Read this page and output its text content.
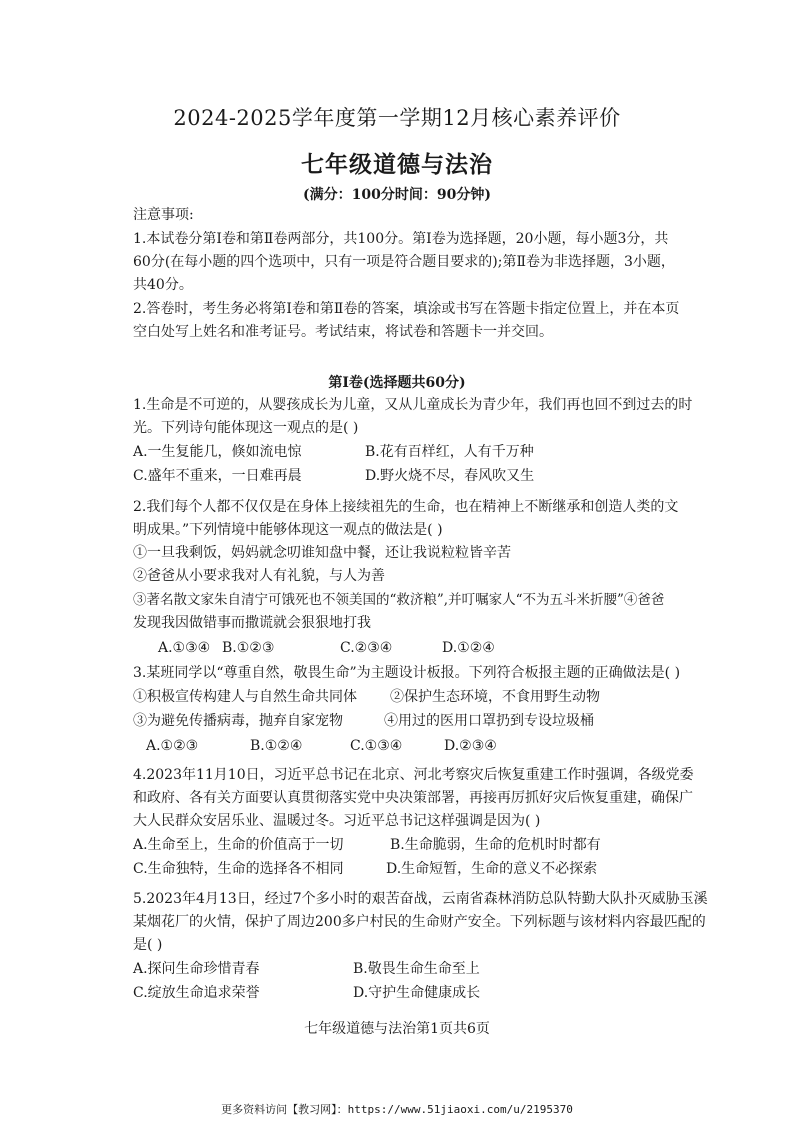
2024-2025学年度第一学期12月核心素养评价
七年级道德与法治
(满分：100分时间：90分钟)
注意事项:
1.本试卷分第Ⅰ卷和第Ⅱ卷两部分，共100分。第Ⅰ卷为选择题，20小题，每小题3分，共
60分(在每小题的四个选项中，只有一项是符合题目要求的);第Ⅱ卷为非选择题，3小题，
共40分。
2.答卷时，考生务必将第Ⅰ卷和第Ⅱ卷的答案，填涂或书写在答题卡指定位置上，并在本页
空白处写上姓名和准考证号。考试结束，将试卷和答题卡一并交回。
第Ⅰ卷(选择题共60分)
1.生命是不可逆的，从婴孩成长为儿童，又从儿童成长为青少年，我们再也回不到过去的时
光。下列诗句能体现这一观点的是( )
A.一生复能几，倏如流电惊	B.花有百样红，人有千万种
C.盛年不重来，一日难再晨	D.野火烧不尽，春风吹又生
2.我们每个人都不仅仅是在身体上接续祖先的生命，也在精神上不断继承和创造人类的文
明成果。”下列情境中能够体现这一观点的做法是( )
①一旦我剩饭，妈妈就念叨谁知盘中餐，还让我说粒粒皆辛苦
②爸爸从小要求我对人有礼貌，与人为善
③著名散文家朱自清宁可饿死也不领美国的“救济粮”,并叮嘱家人“不为五斗米折腰”④爸爸
发现我因做错事而撒谎就会狠狠地打我
A.①③④ B.①②③	C.②③④	D.①②④
3.某班同学以“尊重自然，敬畏生命”为主题设计板报。下列符合板报主题的正确做法是( )
①积极宣传构建人与自然生命共同体 ②保护生态环境，不食用野生动物
③为避免传播病毒，抛弃自家宠物	④用过的医用口罩扔到专设垃圾桶
A.①②③	B.①②④	C.①③④	D.②③④
4.2023年11月10日，习近平总书记在北京、河北考察灾后恢复重建工作时强调，各级党委
和政府、各有关方面要认真贯彻落实党中央决策部署，再接再厉抓好灾后恢复重建，确保广
大人民群众安居乐业、温暖过冬。习近平总书记这样强调是因为( )
A.生命至上，生命的价值高于一切	B.生命脆弱，生命的危机时时都有
C.生命独特，生命的选择各不相同	D.生命短暂，生命的意义不必探索
5.2023年4月13日，经过7个多小时的艰苦奋战，云南省森林消防总队特勤大队扑灭威胁玉溪
某烟花厂的火情，保护了周边200多户村民的生命财产安全。下列标题与该材料内容最匹配的
是( )
A.探问生命珍惜青春	B.敬畏生命生命至上
C.绽放生命追求荣誉	D.守护生命健康成长
七年级道德与法治第1页共6页
更多资料访问【教习网】：https://www.51jiaoxi.com/u/2195370
